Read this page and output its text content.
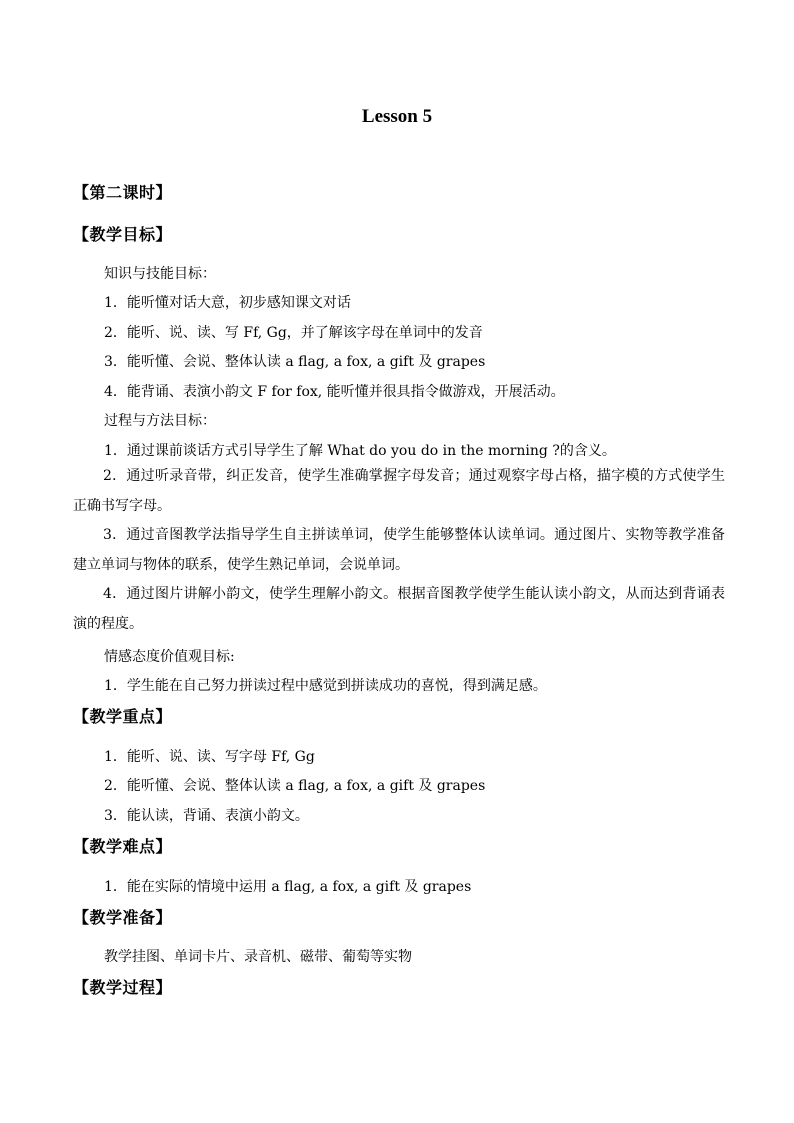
Lesson 5
【第二课时】
【教学目标】
知识与技能目标：
1．能听懂对话大意，初步感知课文对话
2．能听、说、读、写 Ff, Gg，并了解该字母在单词中的发音
3．能听懂、会说、整体认读 a flag, a fox, a gift 及 grapes
4．能背诵、表演小韵文 F for fox, 能听懂并很具指令做游戏，开展活动。
过程与方法目标：
1．通过课前谈话方式引导学生了解 What do you do in the morning ?的含义。
2．通过听录音带，纠正发音，使学生准确掌握字母发音；通过观察字母占格，描字模的方式使学生正确书写字母。
3．通过音图教学法指导学生自主拼读单词，使学生能够整体认读单词。通过图片、实物等教学准备建立单词与物体的联系，使学生熟记单词，会说单词。
4．通过图片讲解小韵文，使学生理解小韵文。根据音图教学使学生能认读小韵文，从而达到背诵表演的程度。
情感态度价值观目标:
1．学生能在自己努力拼读过程中感觉到拼读成功的喜悦，得到满足感。
【教学重点】
1．能听、说、读、写字母 Ff, Gg
2．能听懂、会说、整体认读 a flag, a fox, a gift 及 grapes
3．能认读，背诵、表演小韵文。
【教学难点】
1．能在实际的情境中运用 a flag, a fox, a gift 及 grapes
【教学准备】
教学挂图、单词卡片、录音机、磁带、葡萄等实物
【教学过程】
